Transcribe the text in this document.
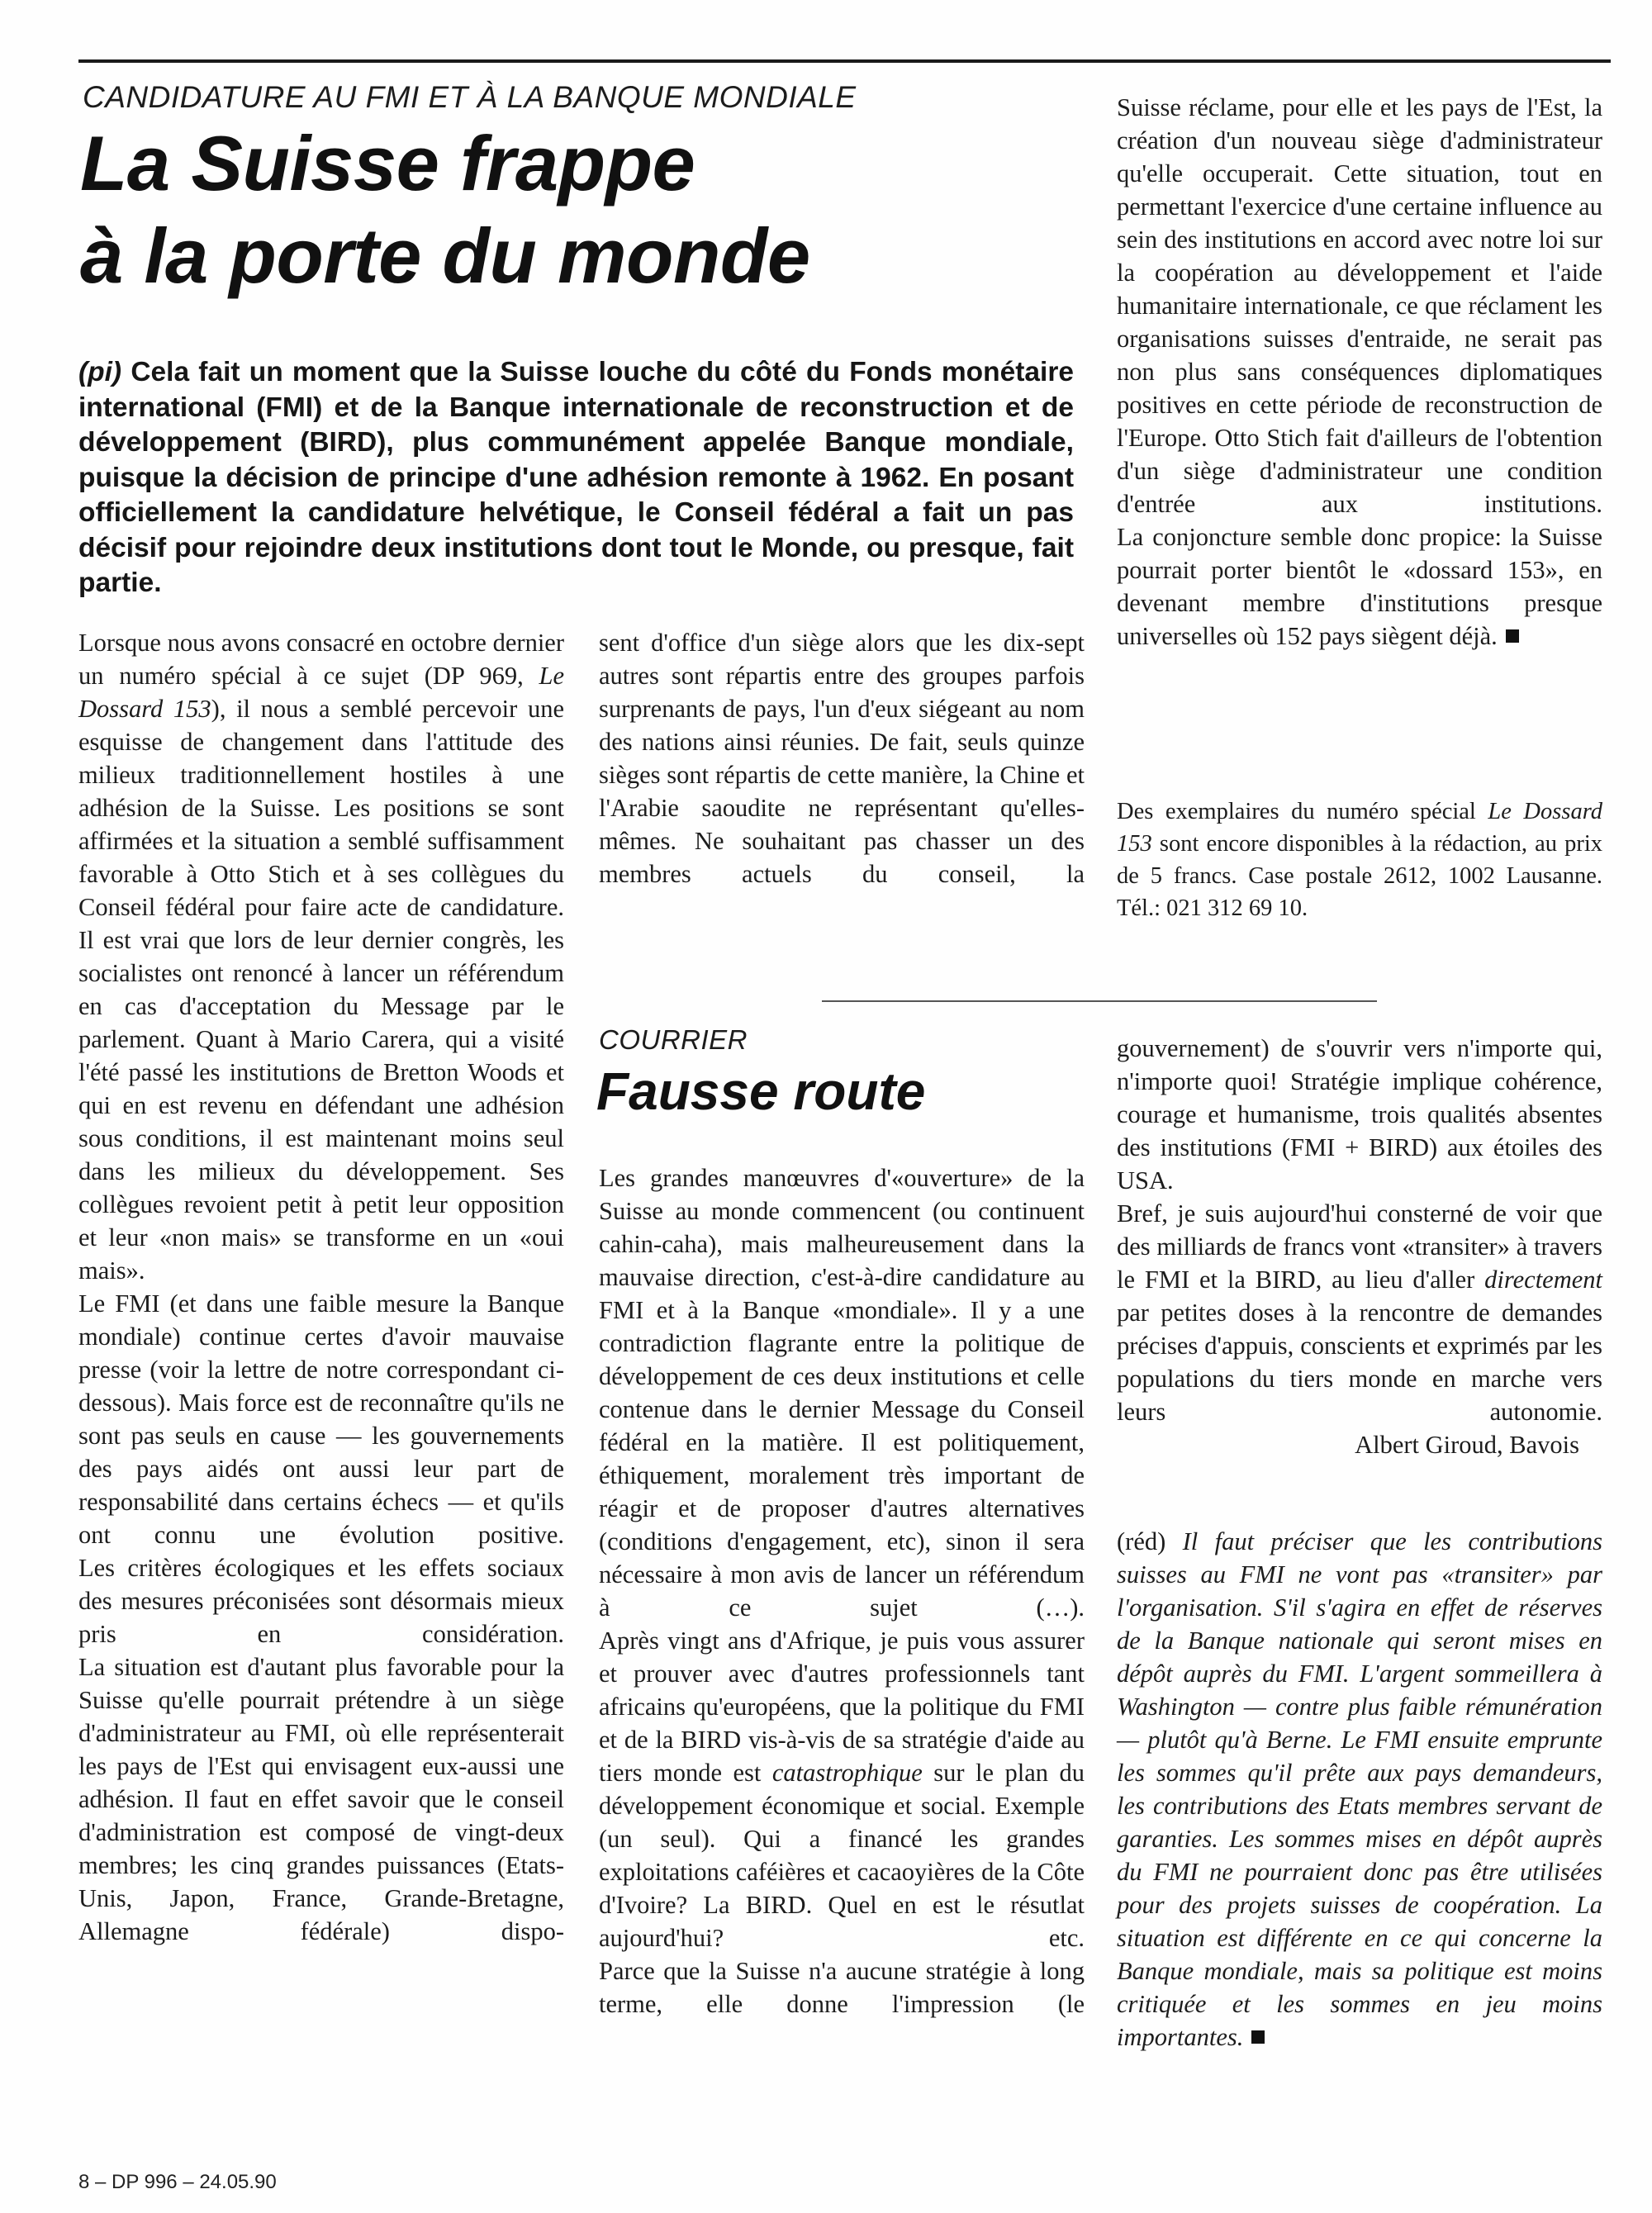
CANDIDATURE AU FMI ET À LA BANQUE MONDIALE
La Suisse frappe
à la porte du monde
(pi) Cela fait un moment que la Suisse louche du côté du Fonds monétaire international (FMI) et de la Banque internationale de reconstruction et de développement (BIRD), plus communément appelée Banque mondiale, puisque la décision de principe d'une adhésion remonte à 1962. En posant officiellement la candidature helvétique, le Conseil fédéral a fait un pas décisif pour rejoindre deux institutions dont tout le Monde, ou presque, fait partie.

Lorsque nous avons consacré en octobre dernier un numéro spécial à ce sujet (DP 969, Le Dossard 153), il nous a semblé percevoir une esquisse de changement dans l'attitude des milieux traditionnellement hostiles à une adhésion de la Suisse. Les positions se sont affirmées et la situation a semblé suffisamment favorable à Otto Stich et à ses collègues du Conseil fédéral pour faire acte de candidature.

Il est vrai que lors de leur dernier congrès, les socialistes ont renoncé à lancer un référendum en cas d'acceptation du Message par le parlement. Quant à Mario Carera, qui a visité l'été passé les institutions de Bretton Woods et qui en est revenu en défendant une adhésion sous conditions, il est maintenant moins seul dans les milieux du développement. Ses collègues revoient petit à petit leur opposition et leur «non mais» se transforme en un «oui mais».

Le FMI (et dans une faible mesure la Banque mondiale) continue certes d'avoir mauvaise presse (voir la lettre de notre correspondant ci-dessous). Mais force est de reconnaître qu'ils ne sont pas seuls en cause — les gouvernements des pays aidés ont aussi leur part de responsabilité dans certains échecs — et qu'ils ont connu une évolution positive.

Les critères écologiques et les effets sociaux des mesures préconisées sont désormais mieux pris en considération.

La situation est d'autant plus favorable pour la Suisse qu'elle pourrait prétendre à un siège d'administrateur au FMI, où elle représenterait les pays de l'Est qui envisagent eux-aussi une adhésion. Il faut en effet savoir que le conseil d'administration est composé de vingt-deux membres; les cinq grandes puissances (Etats-Unis, Japon, France, Grande-Bretagne, Allemagne fédérale) dispo-

sent d'office d'un siège alors que les dix-sept autres sont répartis entre des groupes parfois surprenants de pays, l'un d'eux siégeant au nom des nations ainsi réunies. De fait, seuls quinze sièges sont répartis de cette manière, la Chine et l'Arabie saoudite ne représentant qu'elles-mêmes. Ne souhaitant pas chasser un des membres actuels du conseil, la

Suisse réclame, pour elle et les pays de l'Est, la création d'un nouveau siège d'administrateur qu'elle occuperait. Cette situation, tout en permettant l'exercice d'une certaine influence au sein des institutions en accord avec notre loi sur la coopération au développement et l'aide humanitaire internationale, ce que réclament les organisations suisses d'entraide, ne serait pas non plus sans conséquences diplomatiques positives en cette période de reconstruction de l'Europe. Otto Stich fait d'ailleurs de l'obtention d'un siège d'administrateur une condition d'entrée aux institutions.

La conjoncture semble donc propice: la Suisse pourrait porter bientôt le «dossard 153», en devenant membre d'institutions presque universelles où 152 pays siègent déjà.

Des exemplaires du numéro spécial Le Dossard 153 sont encore disponibles à la rédaction, au prix de 5 francs. Case postale 2612, 1002 Lausanne. Tél.: 021 312 69 10.

COURRIER
Fausse route

Les grandes manœuvres d'«ouverture» de la Suisse au monde commencent (ou continuent cahin-caha), mais malheureusement dans la mauvaise direction, c'est-à-dire candidature au FMI et à la Banque «mondiale». Il y a une contradiction flagrante entre la politique de développement de ces deux institutions et celle contenue dans le dernier Message du Conseil fédéral en la matière. Il est politiquement, éthiquement, moralement très important de réagir et de proposer d'autres alternatives (conditions d'engagement, etc), sinon il sera nécessaire à mon avis de lancer un référendum à ce sujet (…).

Après vingt ans d'Afrique, je puis vous assurer et prouver avec d'autres professionnels tant africains qu'européens, que la politique du FMI et de la BIRD vis-à-vis de sa stratégie d'aide au tiers monde est catastrophique sur le plan du développement économique et social. Exemple (un seul). Qui a financé les grandes exploitations caféières et cacaoyières de la Côte d'Ivoire? La BIRD. Quel en est le résutlat aujourd'hui? etc.

Parce que la Suisse n'a aucune stratégie à long terme, elle donne l'impression (le

gouvernement) de s'ouvrir vers n'importe qui, n'importe quoi! Stratégie implique cohérence, courage et humanisme, trois qualités absentes des institutions (FMI + BIRD) aux étoiles des USA.

Bref, je suis aujourd'hui consterné de voir que des milliards de francs vont «transiter» à travers le FMI et la BIRD, au lieu d'aller directement par petites doses à la rencontre de demandes précises d'appuis, conscients et exprimés par les populations du tiers monde en marche vers leurs autonomie.

Albert Giroud, Bavois

(réd) Il faut préciser que les contributions suisses au FMI ne vont pas «transiter» par l'organisation. S'il s'agira en effet de réserves de la Banque nationale qui seront mises en dépôt auprès du FMI. L'argent sommeillera à Washington — contre plus faible rémunération — plutôt qu'à Berne. Le FMI ensuite emprunte les sommes qu'il prête aux pays demandeurs, les contributions des Etats membres servant de garanties. Les sommes mises en dépôt auprès du FMI ne pourraient donc pas être utilisées pour des projets suisses de coopération. La situation est différente en ce qui concerne la Banque mondiale, mais sa politique est moins critiquée et les sommes en jeu moins importantes.

8 – DP 996 – 24.05.90
